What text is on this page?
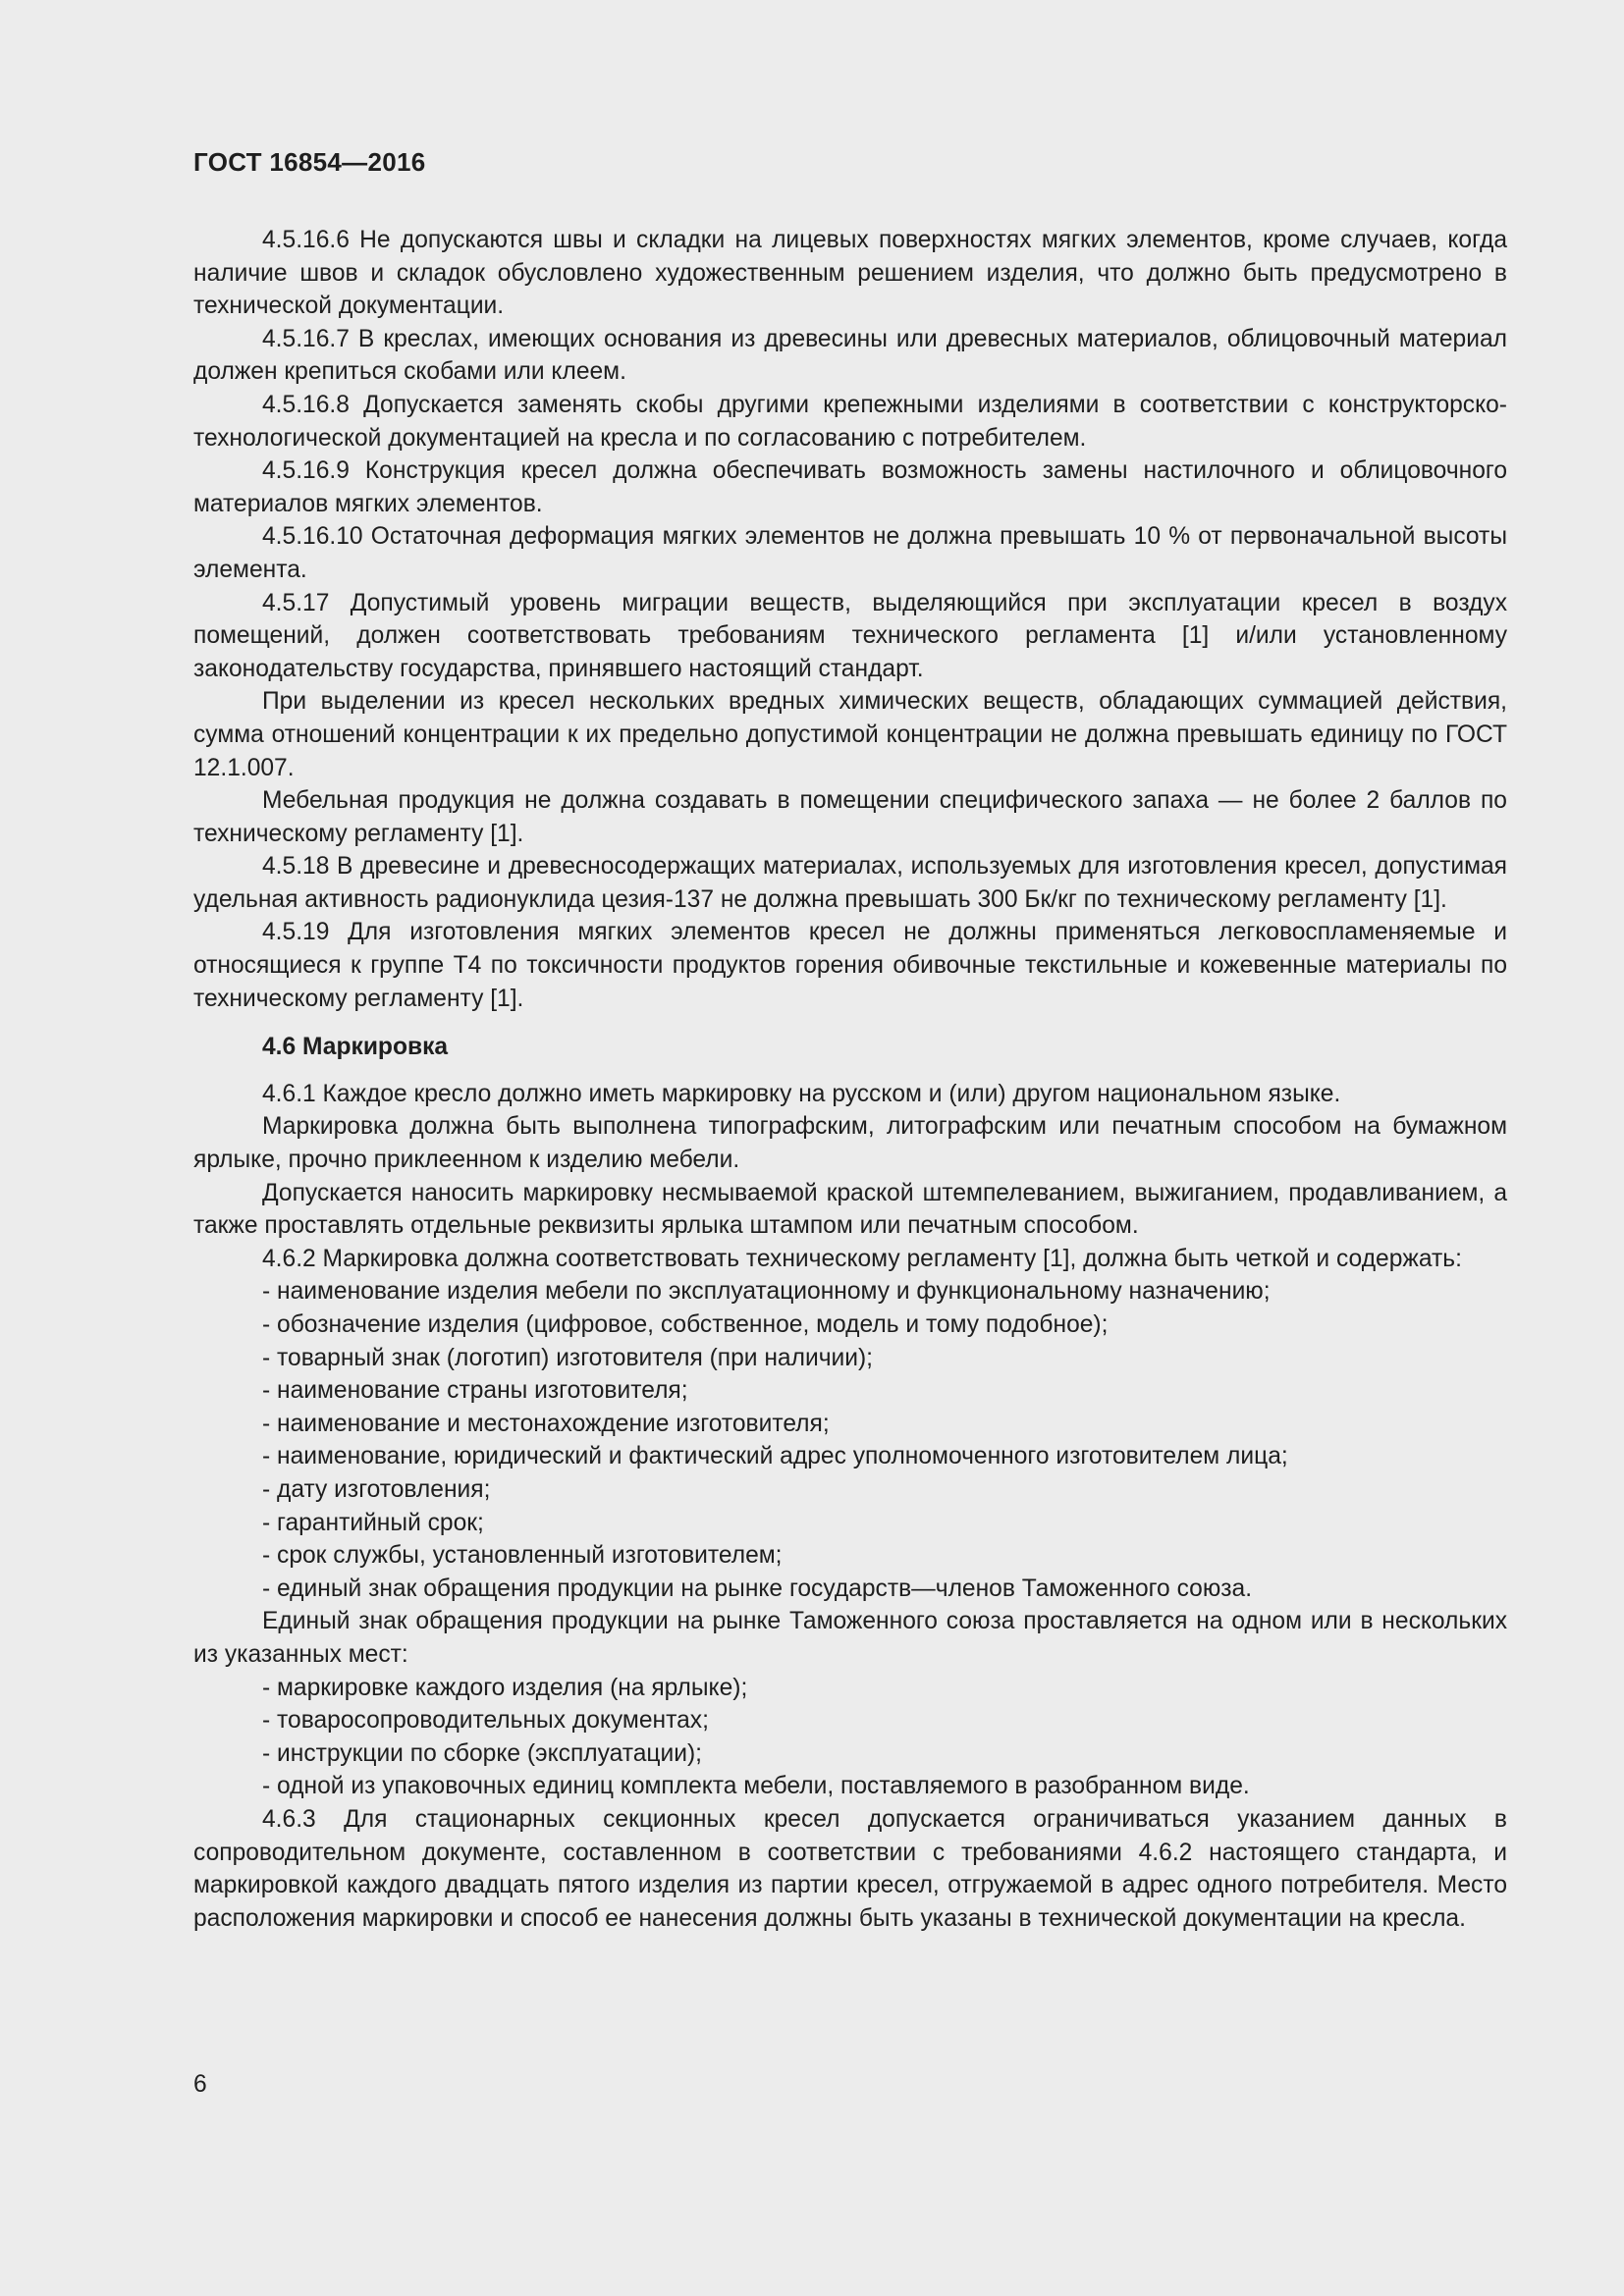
ГОСТ 16854—2016

4.5.16.6 Не допускаются швы и складки на лицевых поверхностях мягких элементов, кроме случаев, когда наличие швов и складок обусловлено художественным решением изделия, что должно быть предусмотрено в технической документации.

4.5.16.7 В креслах, имеющих основания из древесины или древесных материалов, облицовочный материал должен крепиться скобами или клеем.

4.5.16.8 Допускается заменять скобы другими крепежными изделиями в соответствии с конструкторско-технологической документацией на кресла и по согласованию с потребителем.

4.5.16.9 Конструкция кресел должна обеспечивать возможность замены настилочного и облицовочного материалов мягких элементов.

4.5.16.10 Остаточная деформация мягких элементов не должна превышать 10 % от первоначальной высоты элемента.

4.5.17 Допустимый уровень миграции веществ, выделяющийся при эксплуатации кресел в воздух помещений, должен соответствовать требованиям технического регламента [1] и/или установленному законодательству государства, принявшего настоящий стандарт.

При выделении из кресел нескольких вредных химических веществ, обладающих суммацией действия, сумма отношений концентрации к их предельно допустимой концентрации не должна превышать единицу по ГОСТ 12.1.007.

Мебельная продукция не должна создавать в помещении специфического запаха — не более 2 баллов по техническому регламенту [1].

4.5.18 В древесине и древесносодержащих материалах, используемых для изготовления кресел, допустимая удельная активность радионуклида цезия-137 не должна превышать 300 Бк/кг по техническому регламенту [1].

4.5.19 Для изготовления мягких элементов кресел не должны применяться легковоспламеняемые и относящиеся к группе Т4 по токсичности продуктов горения обивочные текстильные и кожевенные материалы по техническому регламенту [1].

4.6 Маркировка

4.6.1 Каждое кресло должно иметь маркировку на русском и (или) другом национальном языке.

Маркировка должна быть выполнена типографским, литографским или печатным способом на бумажном ярлыке, прочно приклеенном к изделию мебели.

Допускается наносить маркировку несмываемой краской штемпелеванием, выжиганием, продавливанием, а также проставлять отдельные реквизиты ярлыка штампом или печатным способом.

4.6.2 Маркировка должна соответствовать техническому регламенту [1], должна быть четкой и содержать:

- наименование изделия мебели по эксплуатационному и функциональному назначению;
- обозначение изделия (цифровое, собственное, модель и тому подобное);
- товарный знак (логотип) изготовителя (при наличии);
- наименование страны изготовителя;
- наименование и местонахождение изготовителя;
- наименование, юридический и фактический адрес уполномоченного изготовителем лица;
- дату изготовления;
- гарантийный срок;
- срок службы, установленный изготовителем;
- единый знак обращения продукции на рынке государств—членов Таможенного союза.

Единый знак обращения продукции на рынке Таможенного союза проставляется на одном или в нескольких из указанных мест:

- маркировке каждого изделия (на ярлыке);
- товаросопроводительных документах;
- инструкции по сборке (эксплуатации);
- одной из упаковочных единиц комплекта мебели, поставляемого в разобранном виде.

4.6.3 Для стационарных секционных кресел допускается ограничиваться указанием данных в сопроводительном документе, составленном в соответствии с требованиями 4.6.2 настоящего стандарта, и маркировкой каждого двадцать пятого изделия из партии кресел, отгружаемой в адрес одного потребителя. Место расположения маркировки и способ ее нанесения должны быть указаны в технической документации на кресла.

6
